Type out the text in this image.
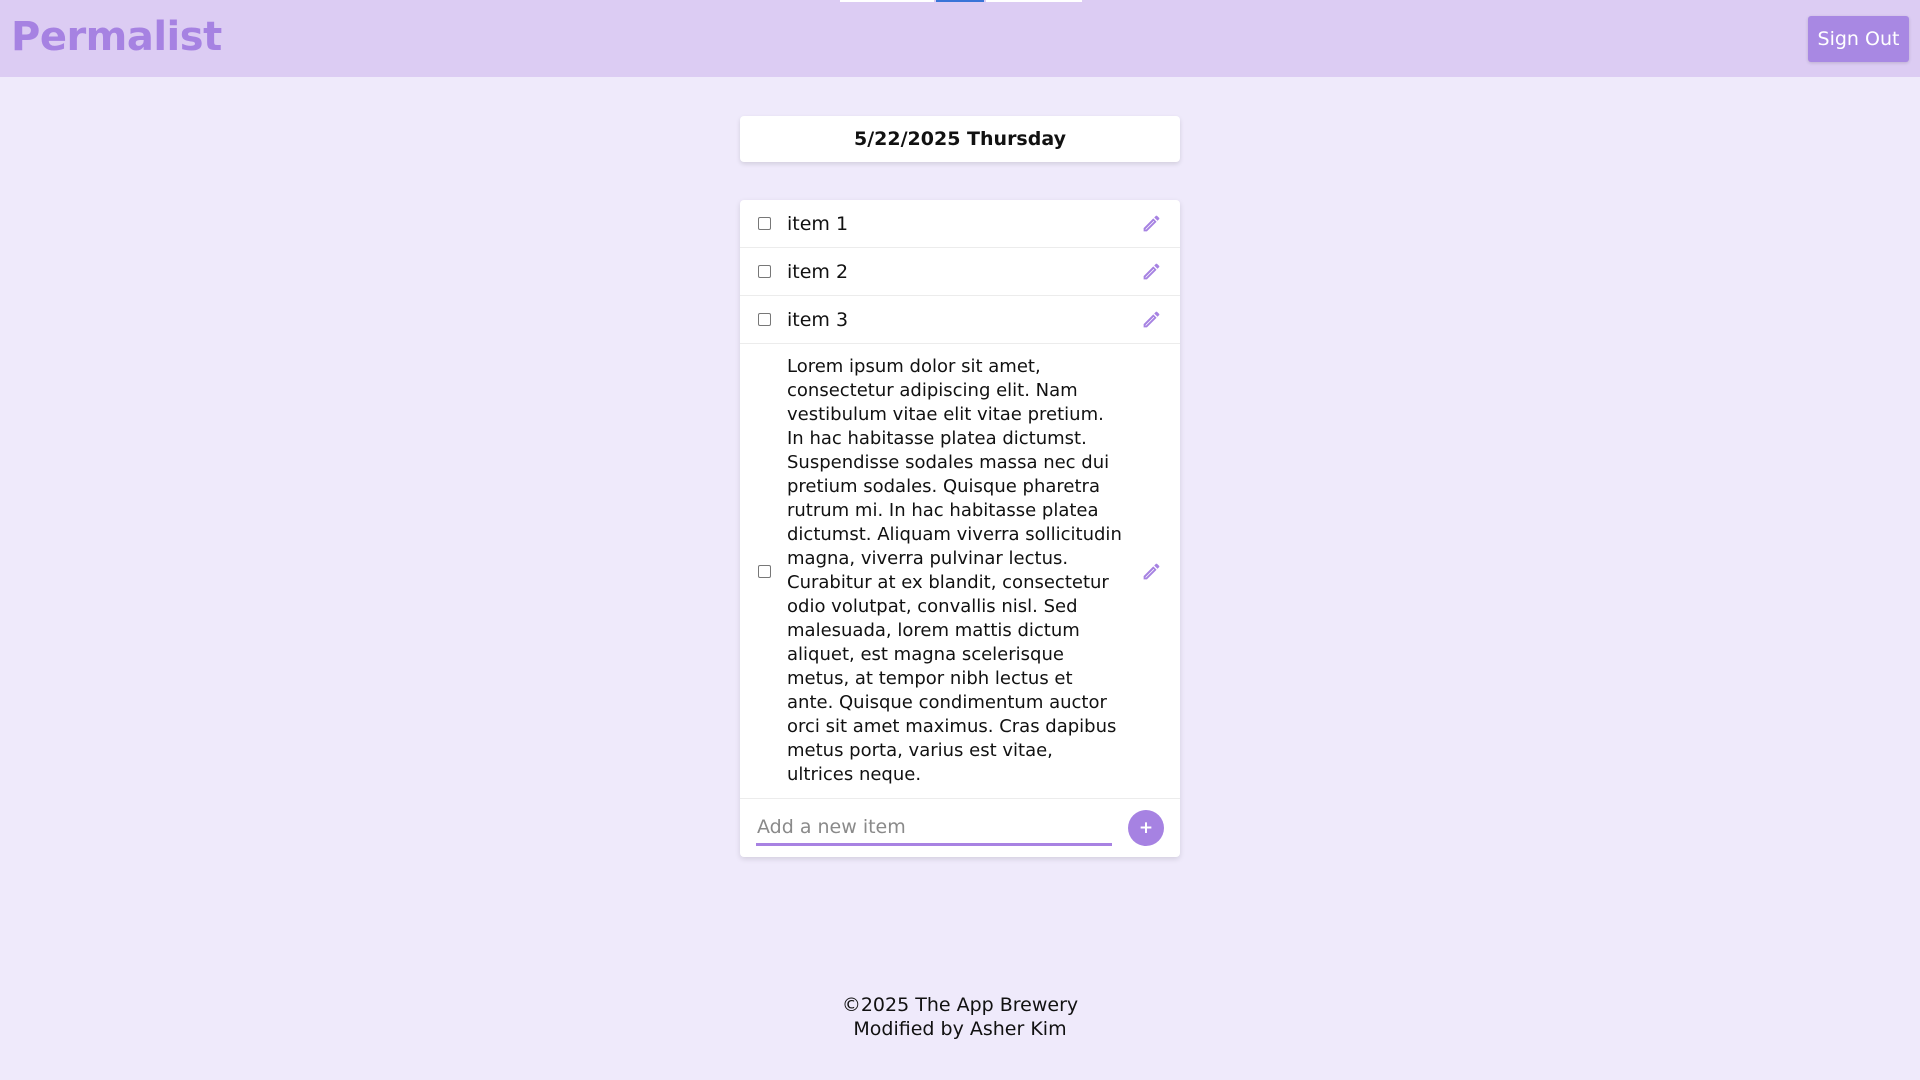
Permalist	Sign Out
5/22/2025 Thursday
item 1
item 2
item 3
Lorem ipsum dolor sit amet, consectetur adipiscing elit. Nam vestibulum vitae elit vitae pretium. In hac habitasse platea dictumst. Suspendisse sodales massa nec dui pretium sodales. Quisque pharetra rutrum mi. In hac habitasse platea dictumst. Aliquam viverra sollicitudin magna, viverra pulvinar lectus. Curabitur at ex blandit, consectetur odio volutpat, convallis nisl. Sed malesuada, lorem mattis dictum aliquet, est magna scelerisque metus, at tempor nibh lectus et ante. Quisque condimentum auctor orci sit amet maximus. Cras dapibus metus porta, varius est vitae, ultrices neque.
Add a new item
+
©2025 The App Brewery
Modified by Asher Kim
